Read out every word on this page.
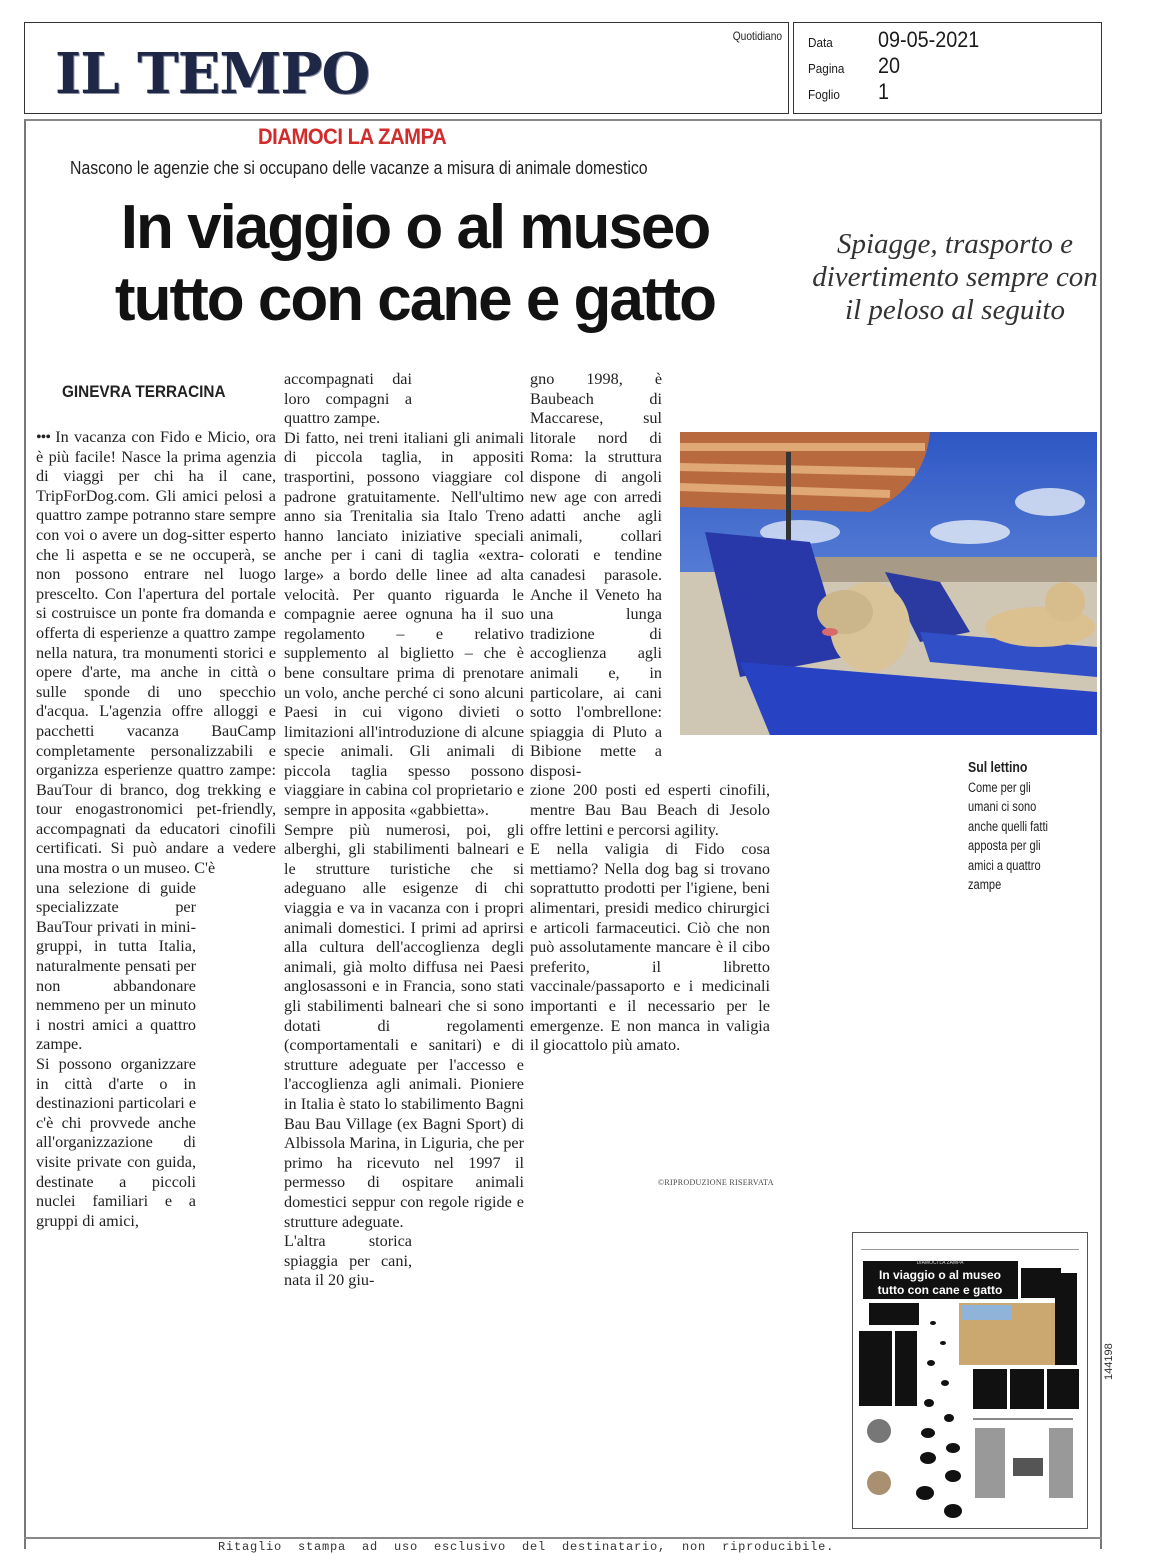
IL TEMPO
Quotidiano Data 09-05-2021
Pagina 20
Foglio 1
DIAMOCI LA ZAMPA
Nascono le agenzie che si occupano delle vacanze a misura di animale domestico
In viaggio o al museo
tutto con cane e gatto
Spiagge, trasporto e divertimento sempre con il peloso al seguito
GINEVRA TERRACINA

••• In vacanza con Fido e Micio, ora è più facile! Nasce la prima agenzia di viaggi per chi ha il cane, TripForDog.com. Gli amici pelosi a quattro zampe potranno stare sempre con voi o avere un dog-sitter esperto che li aspetta e se ne occuperà, se non possono entrare nel luogo prescelto. Con l'apertura del portale si costruisce un ponte fra domanda e offerta di esperienze a quattro zampe nella natura, tra monumenti storici e opere d'arte, ma anche in città o sulle sponde di uno specchio d'acqua. L'agenzia offre alloggi e pacchetti vacanza BauCamp completamente personalizzabili e organizza esperienze quattro zampe: BauTour di branco, dog trekking e tour enogastronomici pet-friendly, accompagnati da educatori cinofili certificati. Si può andare a vedere una mostra o un museo. C'è

una selezione di guide specializzate per BauTour privati in mini-gruppi, in tutta Italia, naturalmente pensati per non abbandonare nemmeno per un minuto i nostri amici a quattro zampe.

Si possono organizzare in città d'arte o in destinazioni particolari e c'è chi provvede anche all'organizzazione di visite private con guida, destinate a piccoli nuclei familiari e a gruppi di amici,

accompagnati dai loro compagni a quattro zampe.

Di fatto, nei treni italiani gli animali di piccola taglia, in appositi trasportini, possono viaggiare col padrone gratuitamente. Nell'ultimo anno sia Trenitalia sia Italo Treno hanno lanciato iniziative speciali anche per i cani di taglia «extra-large» a bordo delle linee ad alta velocità. Per quanto riguarda le compagnie aeree ognuna ha il suo regolamento – e relativo supplemento al biglietto – che è bene consultare prima di prenotare un volo, anche perché ci sono alcuni Paesi in cui vigono divieti o limitazioni all'introduzione di alcune specie animali. Gli animali di piccola taglia spesso possono viaggiare in cabina col proprietario e sempre in apposita «gabbietta».

Sempre più numerosi, poi, gli alberghi, gli stabilimenti balneari e le strutture turistiche che si adeguano alle esigenze di chi viaggia e va in vacanza con i propri animali domestici. I primi ad aprirsi alla cultura dell'accoglienza degli animali, già molto diffusa nei Paesi anglosassoni e in Francia, sono stati gli stabilimenti balneari che si sono dotati di regolamenti (comportamentali e sanitari) e di strutture adeguate per l'accesso e l'accoglienza agli animali. Pioniere in Italia è stato lo stabilimento Bagni Bau Bau Village (ex Bagni Sport) di Albissola Marina, in Liguria, che per primo ha ricevuto nel 1997 il permesso di ospitare animali domestici seppur con regole rigide e strutture adeguate.

L'altra storica spiaggia per cani, nata il 20 giu-

gno 1998, è Baubeach di Maccarese, sul litorale nord di Roma: la struttura dispone di angoli new age con arredi adatti anche agli animali, collari colorati e tendine canadesi parasole. Anche il Veneto ha una lunga tradizione di accoglienza agli animali e, in particolare, ai cani sotto l'ombrellone: spiaggia di Pluto a Bibione mette a disposi-

zione 200 posti ed esperti cinofili, mentre Bau Bau Beach di Jesolo offre lettini e percorsi agility.

E nella valigia di Fido cosa mettiamo? Nella dog bag si trovano soprattutto prodotti per l'igiene, beni alimentari, presidi medico chirurgici e articoli farmaceutici. Ciò che non può assolutamente mancare è il cibo preferito, il libretto vaccinale/passaporto e i medicinali importanti e il necessario per le emergenze. E non manca in valigia il giocattolo più amato.

©RIPRODUZIONE RISERVATA
Sul lettino
Come per gli umani ci sono anche quelli fatti apposta per gli amici a quattro zampe
DIAMOCI LA ZAMPA
In viaggio o al museo
tutto con cane e gatto
144198
Ritaglio stampa ad uso esclusivo del destinatario, non riproducibile.
